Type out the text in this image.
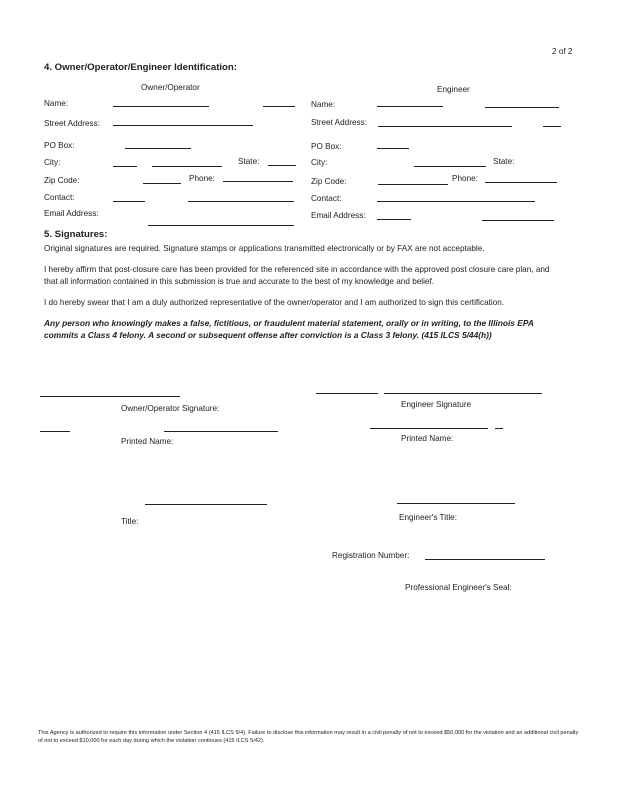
2 of 2
4. Owner/Operator/Engineer Identification:
Owner/Operator	Engineer
Name:
Street Address:
PO Box:
City:	State:
Zip Code:	Phone:
Contact:
Email Address:
Name:
Street Address:
PO Box:
City:	State:
Zip Code:	Phone:
Contact:
Email Address:
5. Signatures:
Original signatures are required. Signature stamps or applications transmitted electronically or by FAX are not acceptable.
I hereby affirm that post-closure care has been provided for the referenced site in accordance with the approved post closure care plan, and that all information contained in this submission is true and accurate to the best of my knowledge and belief.
I do hereby swear that I am a duly authorized representative of the owner/operator and I am authorized to sign this certification.
Any person who knowingly makes a false, fictitious, or fraudulent material statement, orally or in writing, to the Illinois EPA commits a Class 4 felony. A second or subsequent offense after conviction is a Class 3 felony. (415 ILCS 5/44(h))
Owner/Operator Signature:	Engineer Signature
Printed Name:	Printed Name:
Title:	Engineer's Title:
Registration Number:
Professional Engineer's Seal:
This Agency is authorized to require this information under Section 4 (415 ILCS 5/4). Failure to disclose this information may result in a civil penalty of not to exceed $50,000 for the violation and an additional civil penalty of not to exceed $10,000 for each day during which the violation continues (415 ILCS 5/42).
